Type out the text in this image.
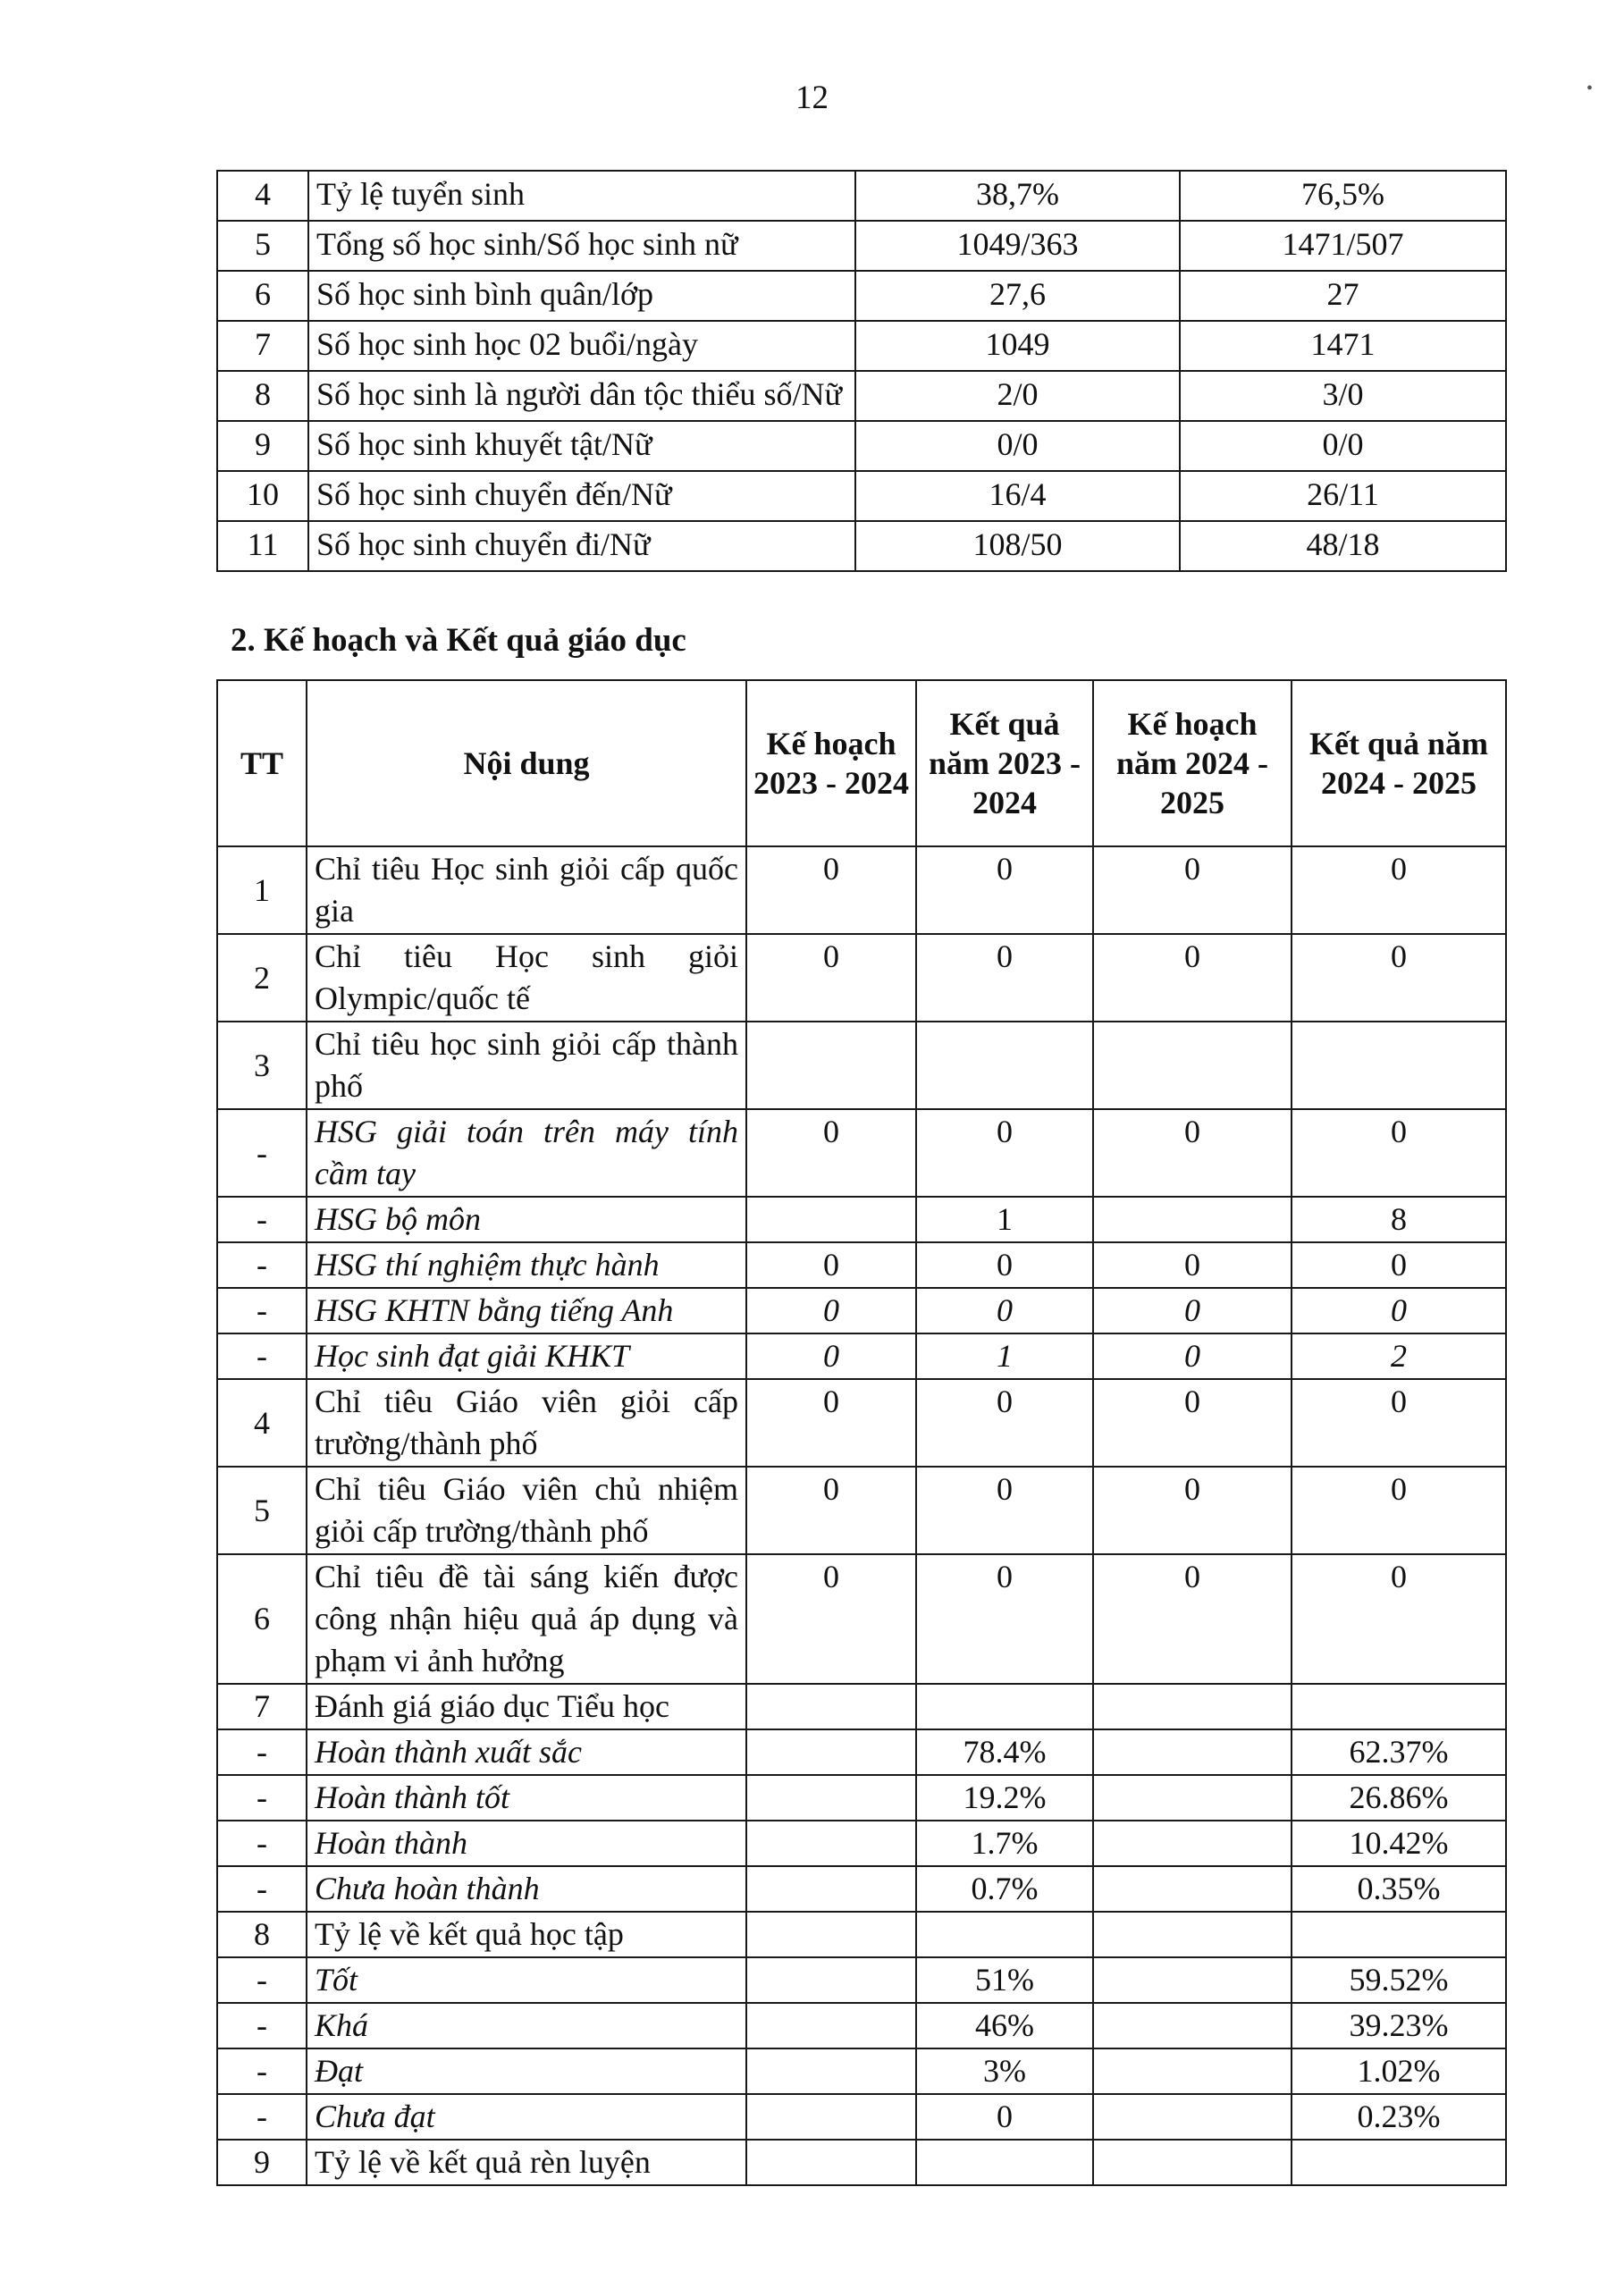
12
4	Tỷ lệ tuyển sinh	38,7%	76,5%
5	Tổng số học sinh/Số học sinh nữ	1049/363	1471/507
6	Số học sinh bình quân/lớp	27,6	27
7	Số học sinh học 02 buổi/ngày	1049	1471
8	Số học sinh là người dân tộc thiểu số/Nữ	2/0	3/0
9	Số học sinh khuyết tật/Nữ	0/0	0/0
10	Số học sinh chuyển đến/Nữ	16/4	26/11
11	Số học sinh chuyển đi/Nữ	108/50	48/18
2. Kế hoạch và Kết quả giáo dục
TT	Nội dung	Kế hoạch 2023 - 2024	Kết quả năm 2023 - 2024	Kế hoạch năm 2024 - 2025	Kết quả năm 2024 - 2025
1	Chỉ tiêu Học sinh giỏi cấp quốc gia	0	0	0	0
2	Chỉ tiêu Học sinh giỏi Olympic/quốc tế	0	0	0	0
3	Chỉ tiêu học sinh giỏi cấp thành phố				
-	HSG giải toán trên máy tính cầm tay	0	0	0	0
-	HSG bộ môn		1		8
-	HSG thí nghiệm thực hành	0	0	0	0
-	HSG KHTN bằng tiếng Anh	0	0	0	0
-	Học sinh đạt giải KHKT	0	1	0	2
4	Chỉ tiêu Giáo viên giỏi cấp trường/thành phố	0	0	0	0
5	Chỉ tiêu Giáo viên chủ nhiệm giỏi cấp trường/thành phố	0	0	0	0
6	Chỉ tiêu đề tài sáng kiến được công nhận hiệu quả áp dụng và phạm vi ảnh hưởng	0	0	0	0
7	Đánh giá giáo dục Tiểu học				
-	Hoàn thành xuất sắc		78.4%		62.37%
-	Hoàn thành tốt		19.2%		26.86%
-	Hoàn thành		1.7%		10.42%
-	Chưa hoàn thành		0.7%		0.35%
8	Tỷ lệ về kết quả học tập				
-	Tốt		51%		59.52%
-	Khá		46%		39.23%
-	Đạt		3%		1.02%
-	Chưa đạt		0		0.23%
9	Tỷ lệ về kết quả rèn luyện				
•
